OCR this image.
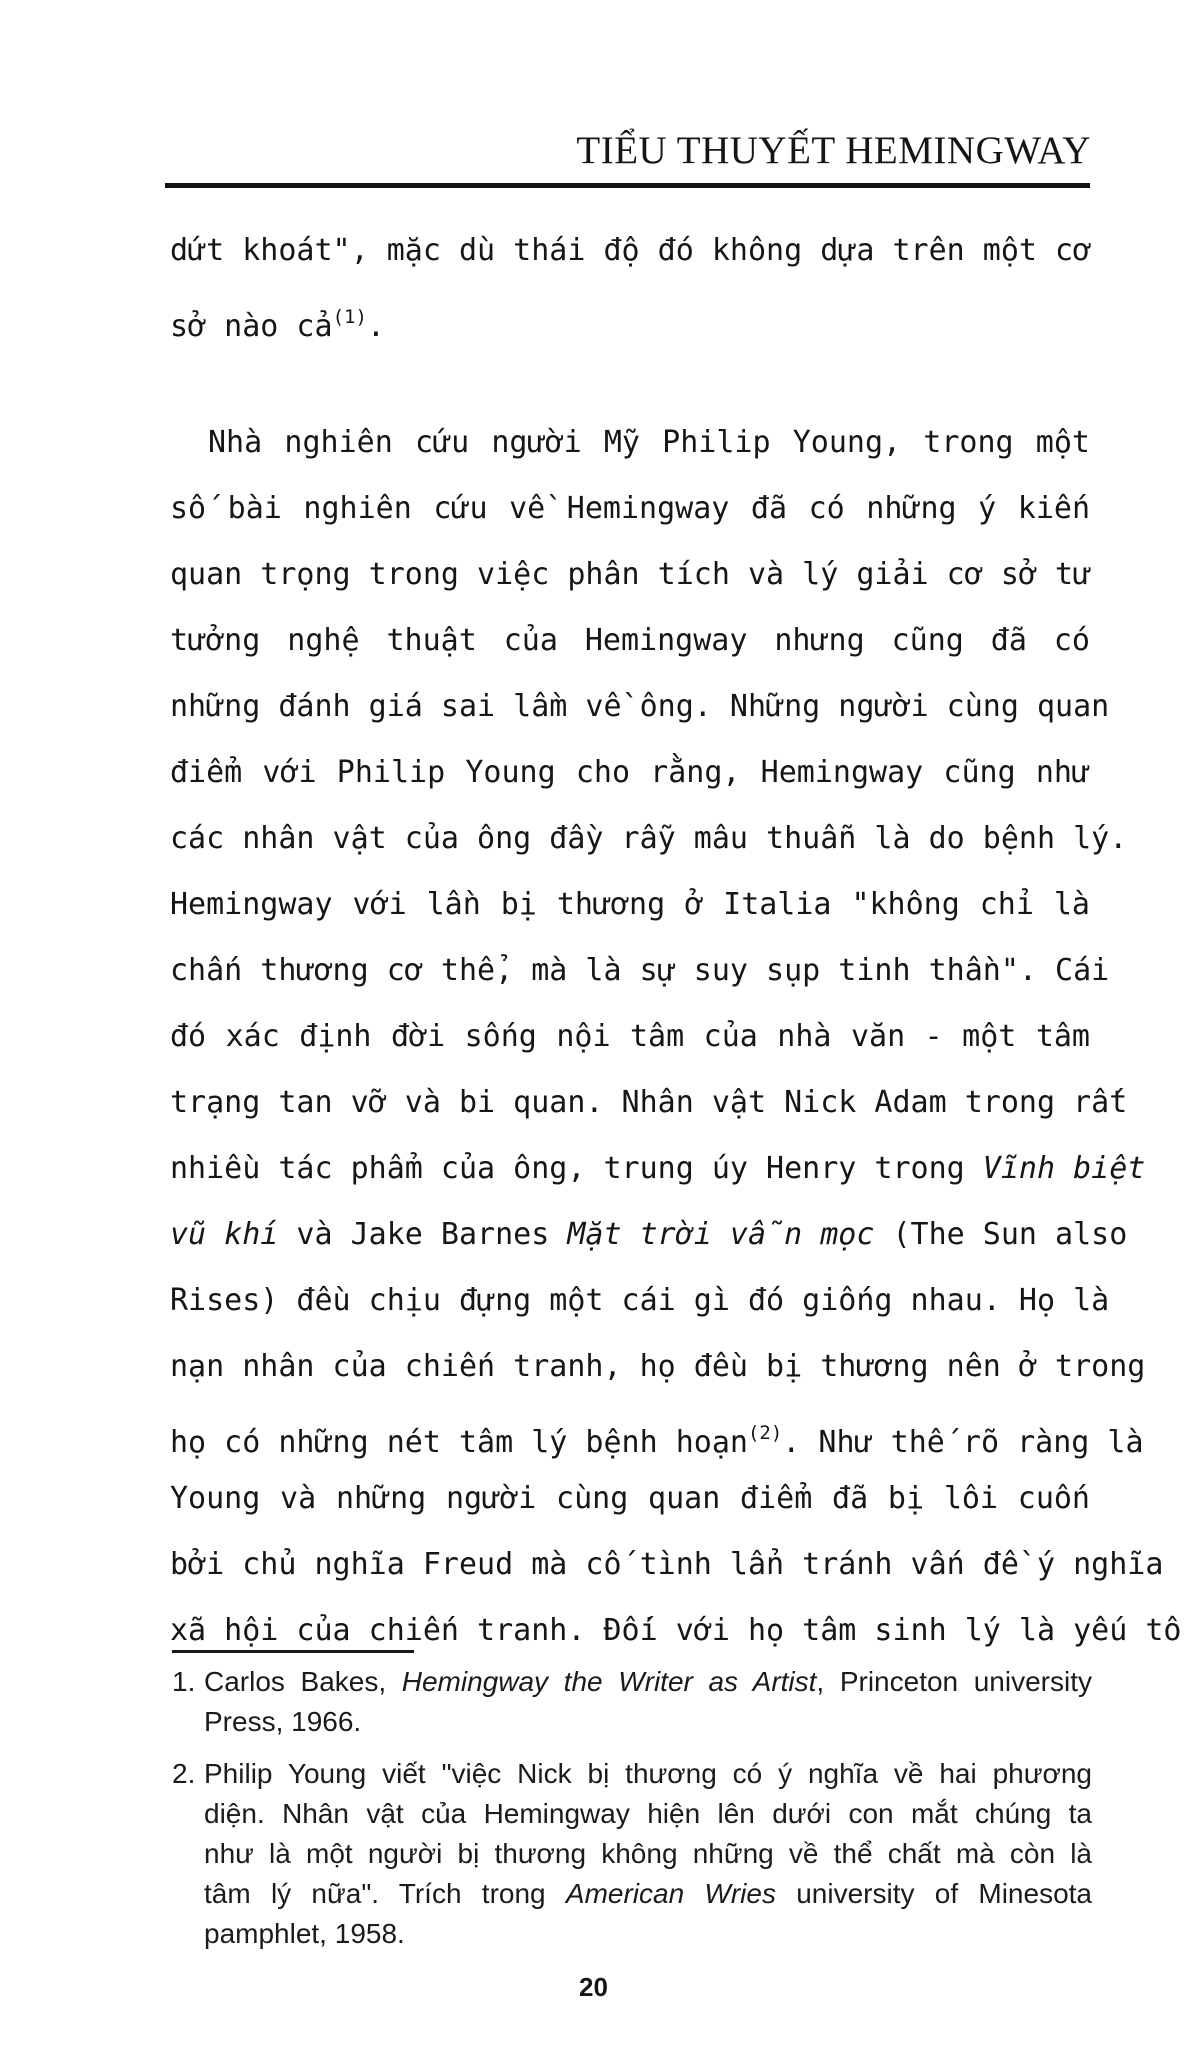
TIỂU THUYẾT HEMINGWAY
dứt khoát", mặc dù thái độ đó không dựa trên một cơ
sở nào cả$^{(1)}$.
Nhà nghiên cứu người Mỹ Philip Young, trong một
số bài nghiên cứu về Hemingway đã có những ý kiến
quan trọng trong việc phân tích và lý giải cơ sở tư
tưởng nghệ thuật của Hemingway nhưng cũng đã có
những đánh giá sai lầm về ông. Những người cùng quan
điểm với Philip Young cho rằng, Hemingway cũng như
các nhân vật của ông đầy rẫy mâu thuẫn là do bệnh lý.
Hemingway với lần bị thương ở Italia "không chỉ là
chấn thương cơ thể, mà là sự suy sụp tinh thần". Cái
đó xác định đời sống nội tâm của nhà văn - một tâm
trạng tan vỡ và bi quan. Nhân vật Nick Adam trong rất
nhiều tác phẩm của ông, trung úy Henry trong Vĩnh biệt
vũ khí và Jake Barnes Mặt trời vẫn mọc (The Sun also
Rises) đều chịu đựng một cái gì đó giống nhau. Họ là
nạn nhân của chiến tranh, họ đều bị thương nên ở trong
họ có những nét tâm lý bệnh hoạn$^{(2)}$. Như thế rõ ràng là
Young và những người cùng quan điểm đã bị lôi cuốn
bởi chủ nghĩa Freud mà cố tình lẩn tránh vấn đề ý nghĩa
xã hội của chiến tranh. Đối với họ tâm sinh lý là yếu tố
1. Carlos Bakes, Hemingway the Writer as Artist, Princeton university
Press, 1966.
2. Philip Young viết "việc Nick bị thương có ý nghĩa về hai phương
diện. Nhân vật của Hemingway hiện lên dưới con mắt chúng ta
như là một người bị thương không những về thể chất mà còn là
tâm lý nữa". Trích trong American Wries university of Minesota
pamphlet, 1958.
20
